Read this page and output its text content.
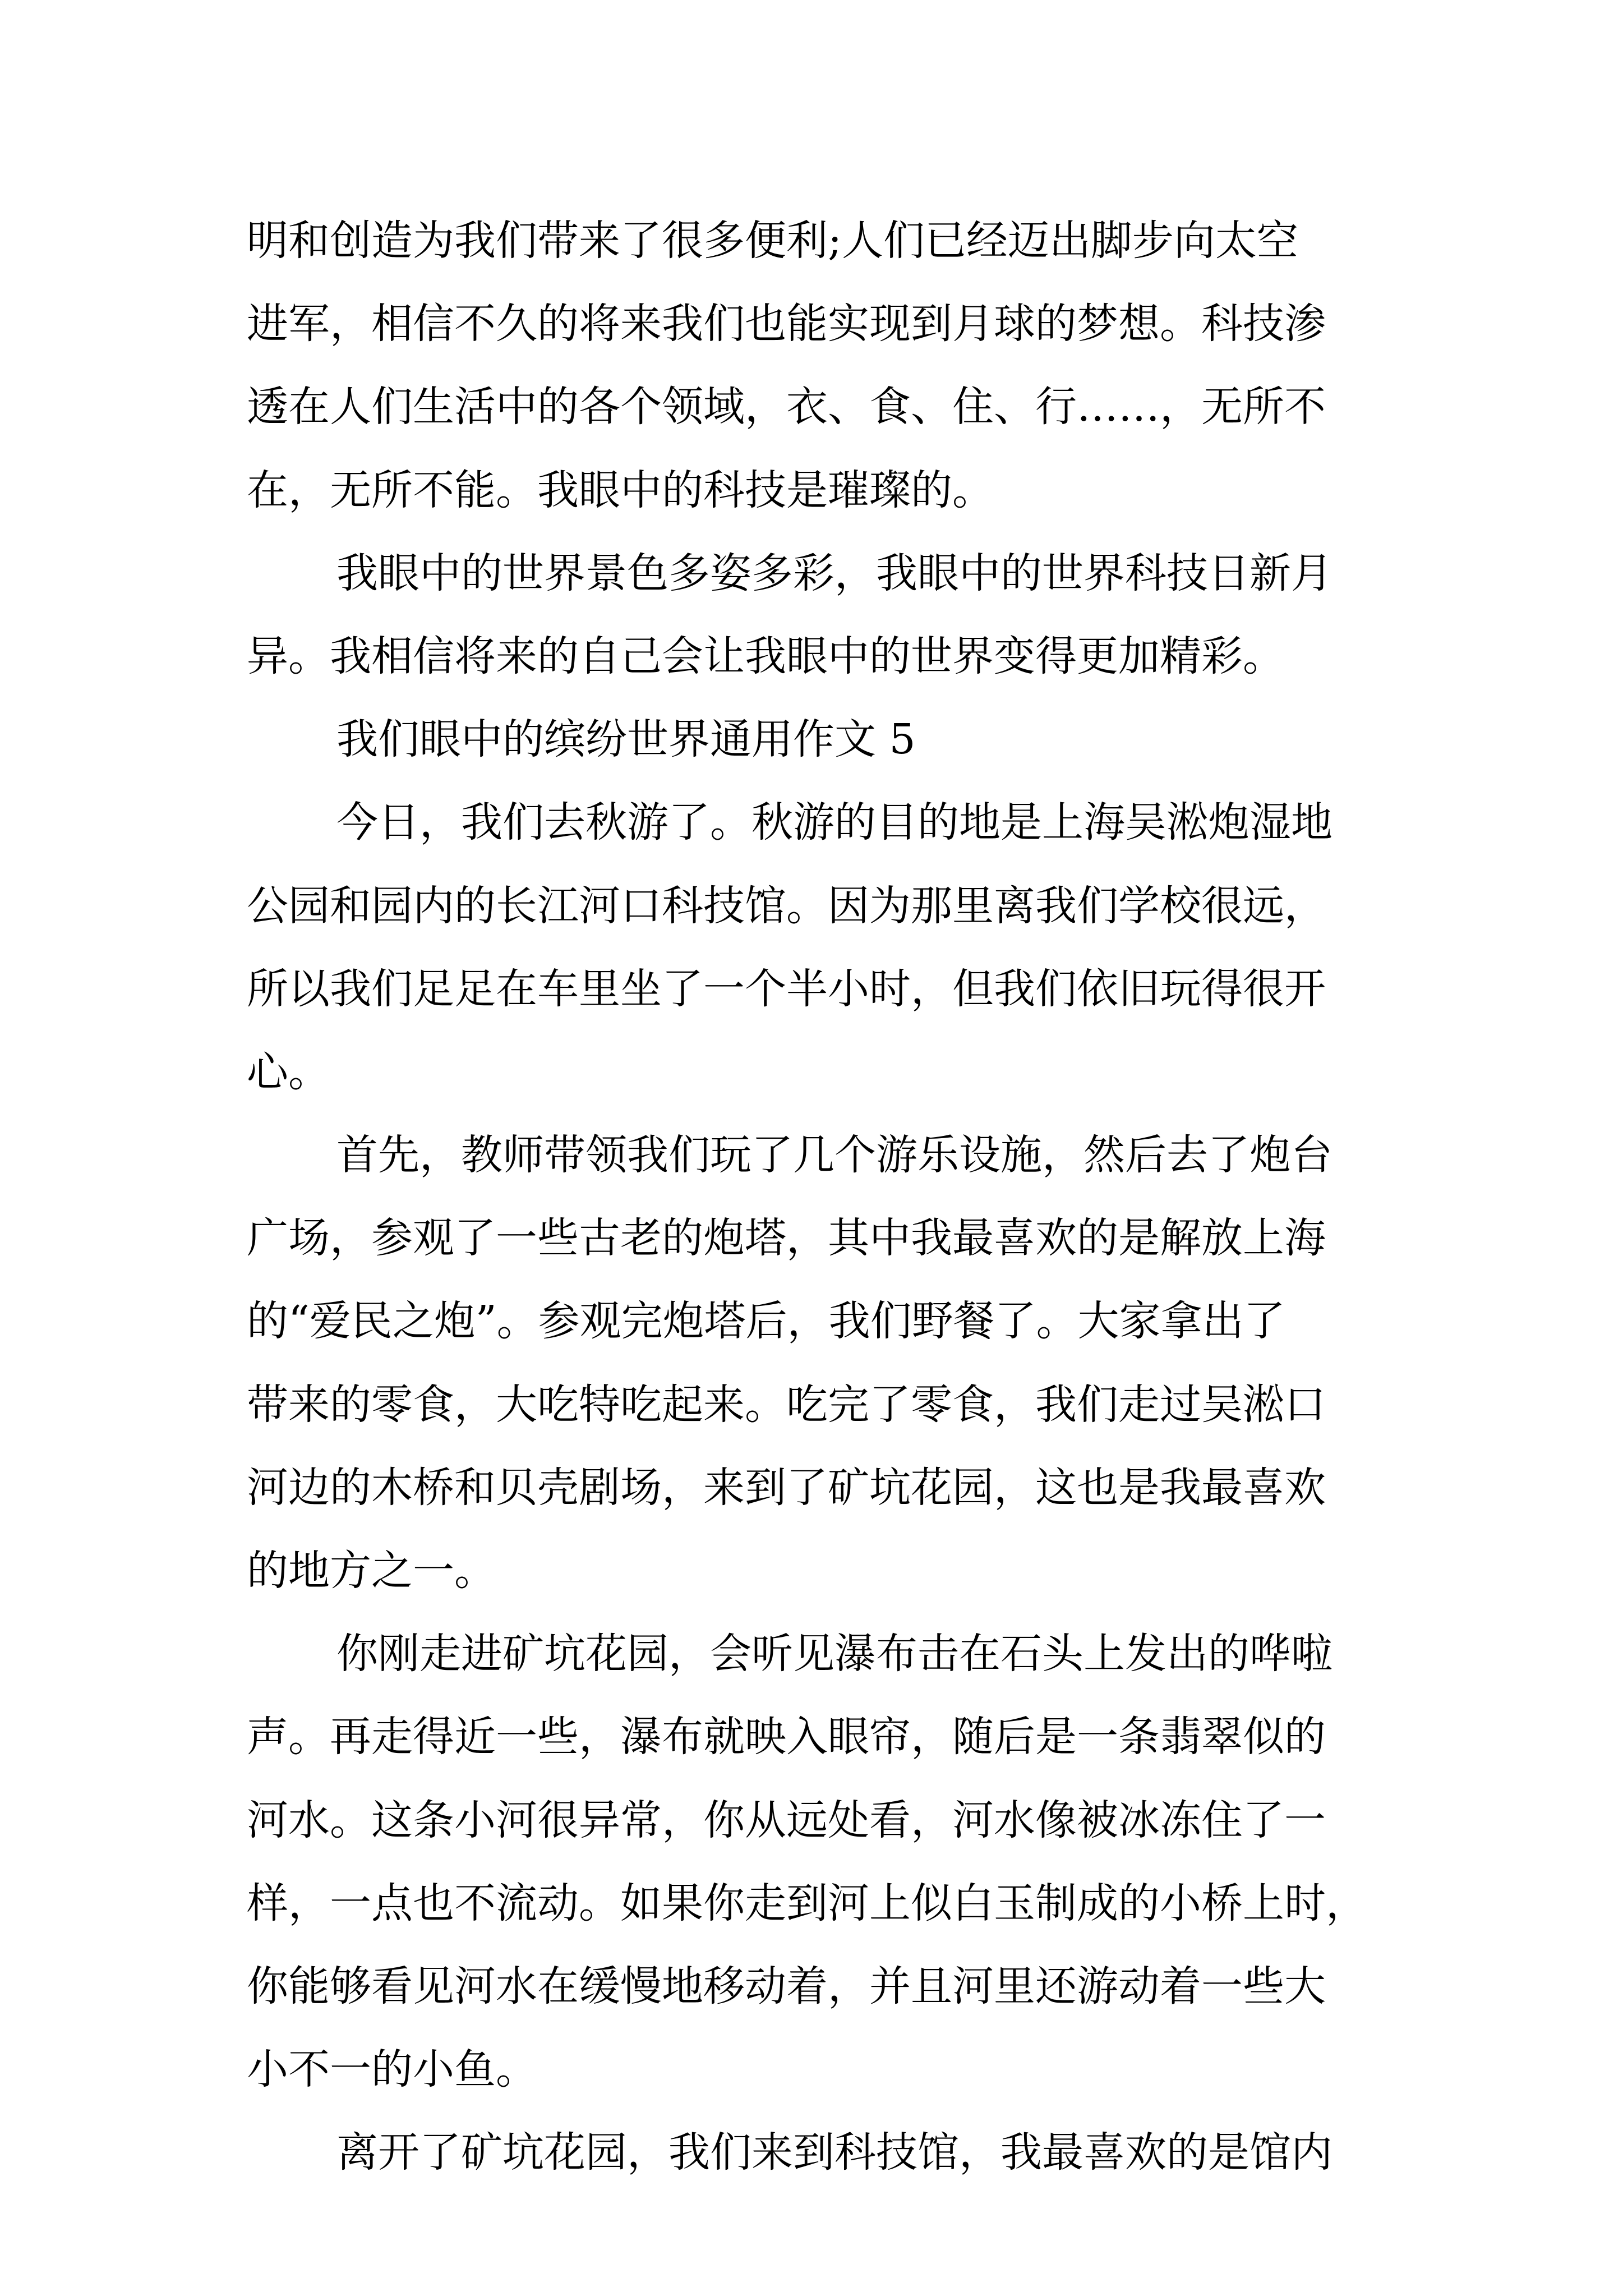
明和创造为我们带来了很多便利;人们已经迈出脚步向太空
进军，相信不久的将来我们也能实现到月球的梦想。科技渗
透在人们生活中的各个领域，衣、食、住、行……，无所不
在，无所不能。我眼中的科技是璀璨的。
我眼中的世界景色多姿多彩，我眼中的世界科技日新月
异。我相信将来的自己会让我眼中的世界变得更加精彩。
我们眼中的缤纷世界通用作文 5
今日，我们去秋游了。秋游的目的地是上海吴淞炮湿地
公园和园内的长江河口科技馆。因为那里离我们学校很远，
所以我们足足在车里坐了一个半小时，但我们依旧玩得很开
心。
首先，教师带领我们玩了几个游乐设施，然后去了炮台
广场，参观了一些古老的炮塔，其中我最喜欢的是解放上海
的“爱民之炮”。参观完炮塔后，我们野餐了。大家拿出了
带来的零食，大吃特吃起来。吃完了零食，我们走过吴淞口
河边的木桥和贝壳剧场，来到了矿坑花园，这也是我最喜欢
的地方之一。
你刚走进矿坑花园，会听见瀑布击在石头上发出的哗啦
声。再走得近一些，瀑布就映入眼帘，随后是一条翡翠似的
河水。这条小河很异常，你从远处看，河水像被冰冻住了一
样，一点也不流动。如果你走到河上似白玉制成的小桥上时，
你能够看见河水在缓慢地移动着，并且河里还游动着一些大
小不一的小鱼。
离开了矿坑花园，我们来到科技馆，我最喜欢的是馆内
